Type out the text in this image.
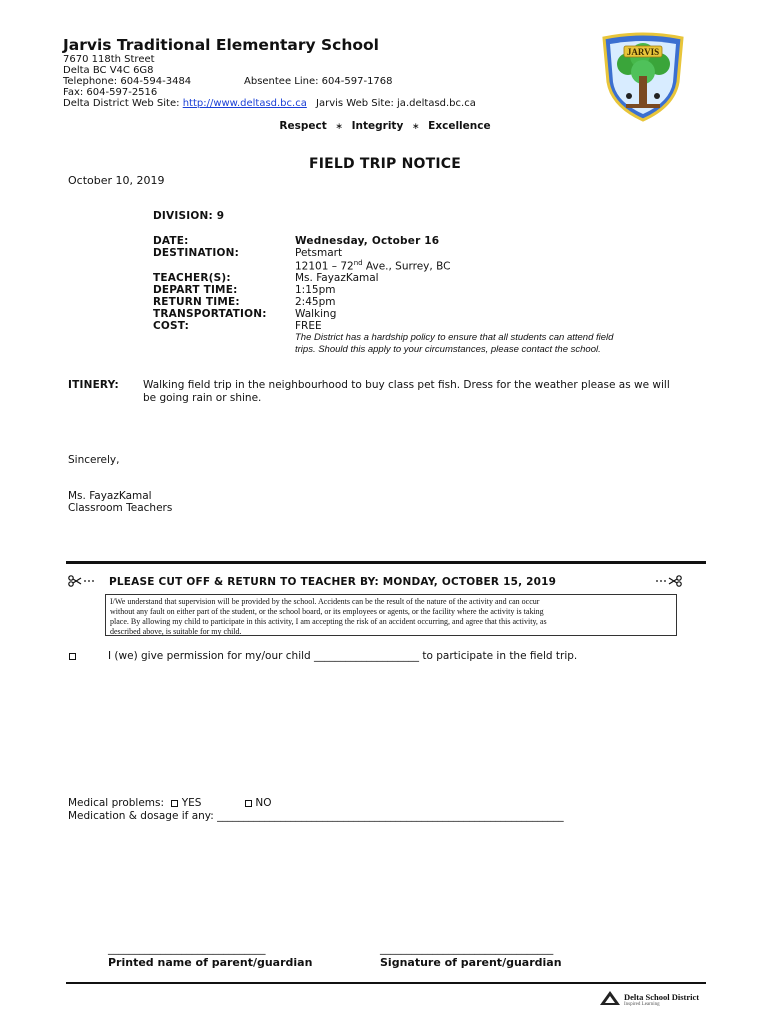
Jarvis Traditional Elementary School
7670 118th Street
Delta BC V4C 6G8
Telephone: 604-594-3484	Absentee Line: 604-597-1768
Fax: 604-597-2516
Delta District Web Site: http://www.deltasd.bc.ca Jarvis Web Site: ja.deltasd.bc.ca
JARVIS
Respect ∗ Integrity ∗ Excellence
FIELD TRIP NOTICE
October 10, 2019
DIVISION: 9
DATE:	Wednesday, October 16
DESTINATION:	Petsmart
12101 – 72nd Ave., Surrey, BC
TEACHER(S):	Ms. FayazKamal
DEPART TIME:	1:15pm
RETURN TIME:	2:45pm
TRANSPORTATION:	Walking
COST:	FREE
The District has a hardship policy to ensure that all students can attend field
trips. Should this apply to your circumstances, please contact the school.
ITINERY: Walking field trip in the neighbourhood to buy class pet fish. Dress for the weather please as we will
be going rain or shine.
Sincerely,
Ms. FayazKamal
Classroom Teachers
PLEASE CUT OFF & RETURN TO TEACHER BY: MONDAY, OCTOBER 15, 2019
I/We understand that supervision will be provided by the school. Accidents can be the result of the nature of the activity and can occur
without any fault on either part of the student, or the school board, or its employees or agents, or the facility where the activity is taking
place. By allowing my child to participate in this activity, I am accepting the risk of an accident occurring, and agree that this activity, as
described above, is suitable for my child.
I (we) give permission for my/our child ____________________ to participate in the field trip.
Medical problems: YES	NO
Medication & dosage if any: __________________________________________________________________
______________________________
Printed name of parent/guardian
_________________________________
Signature of parent/guardian
Delta School District
Inspired Learning
